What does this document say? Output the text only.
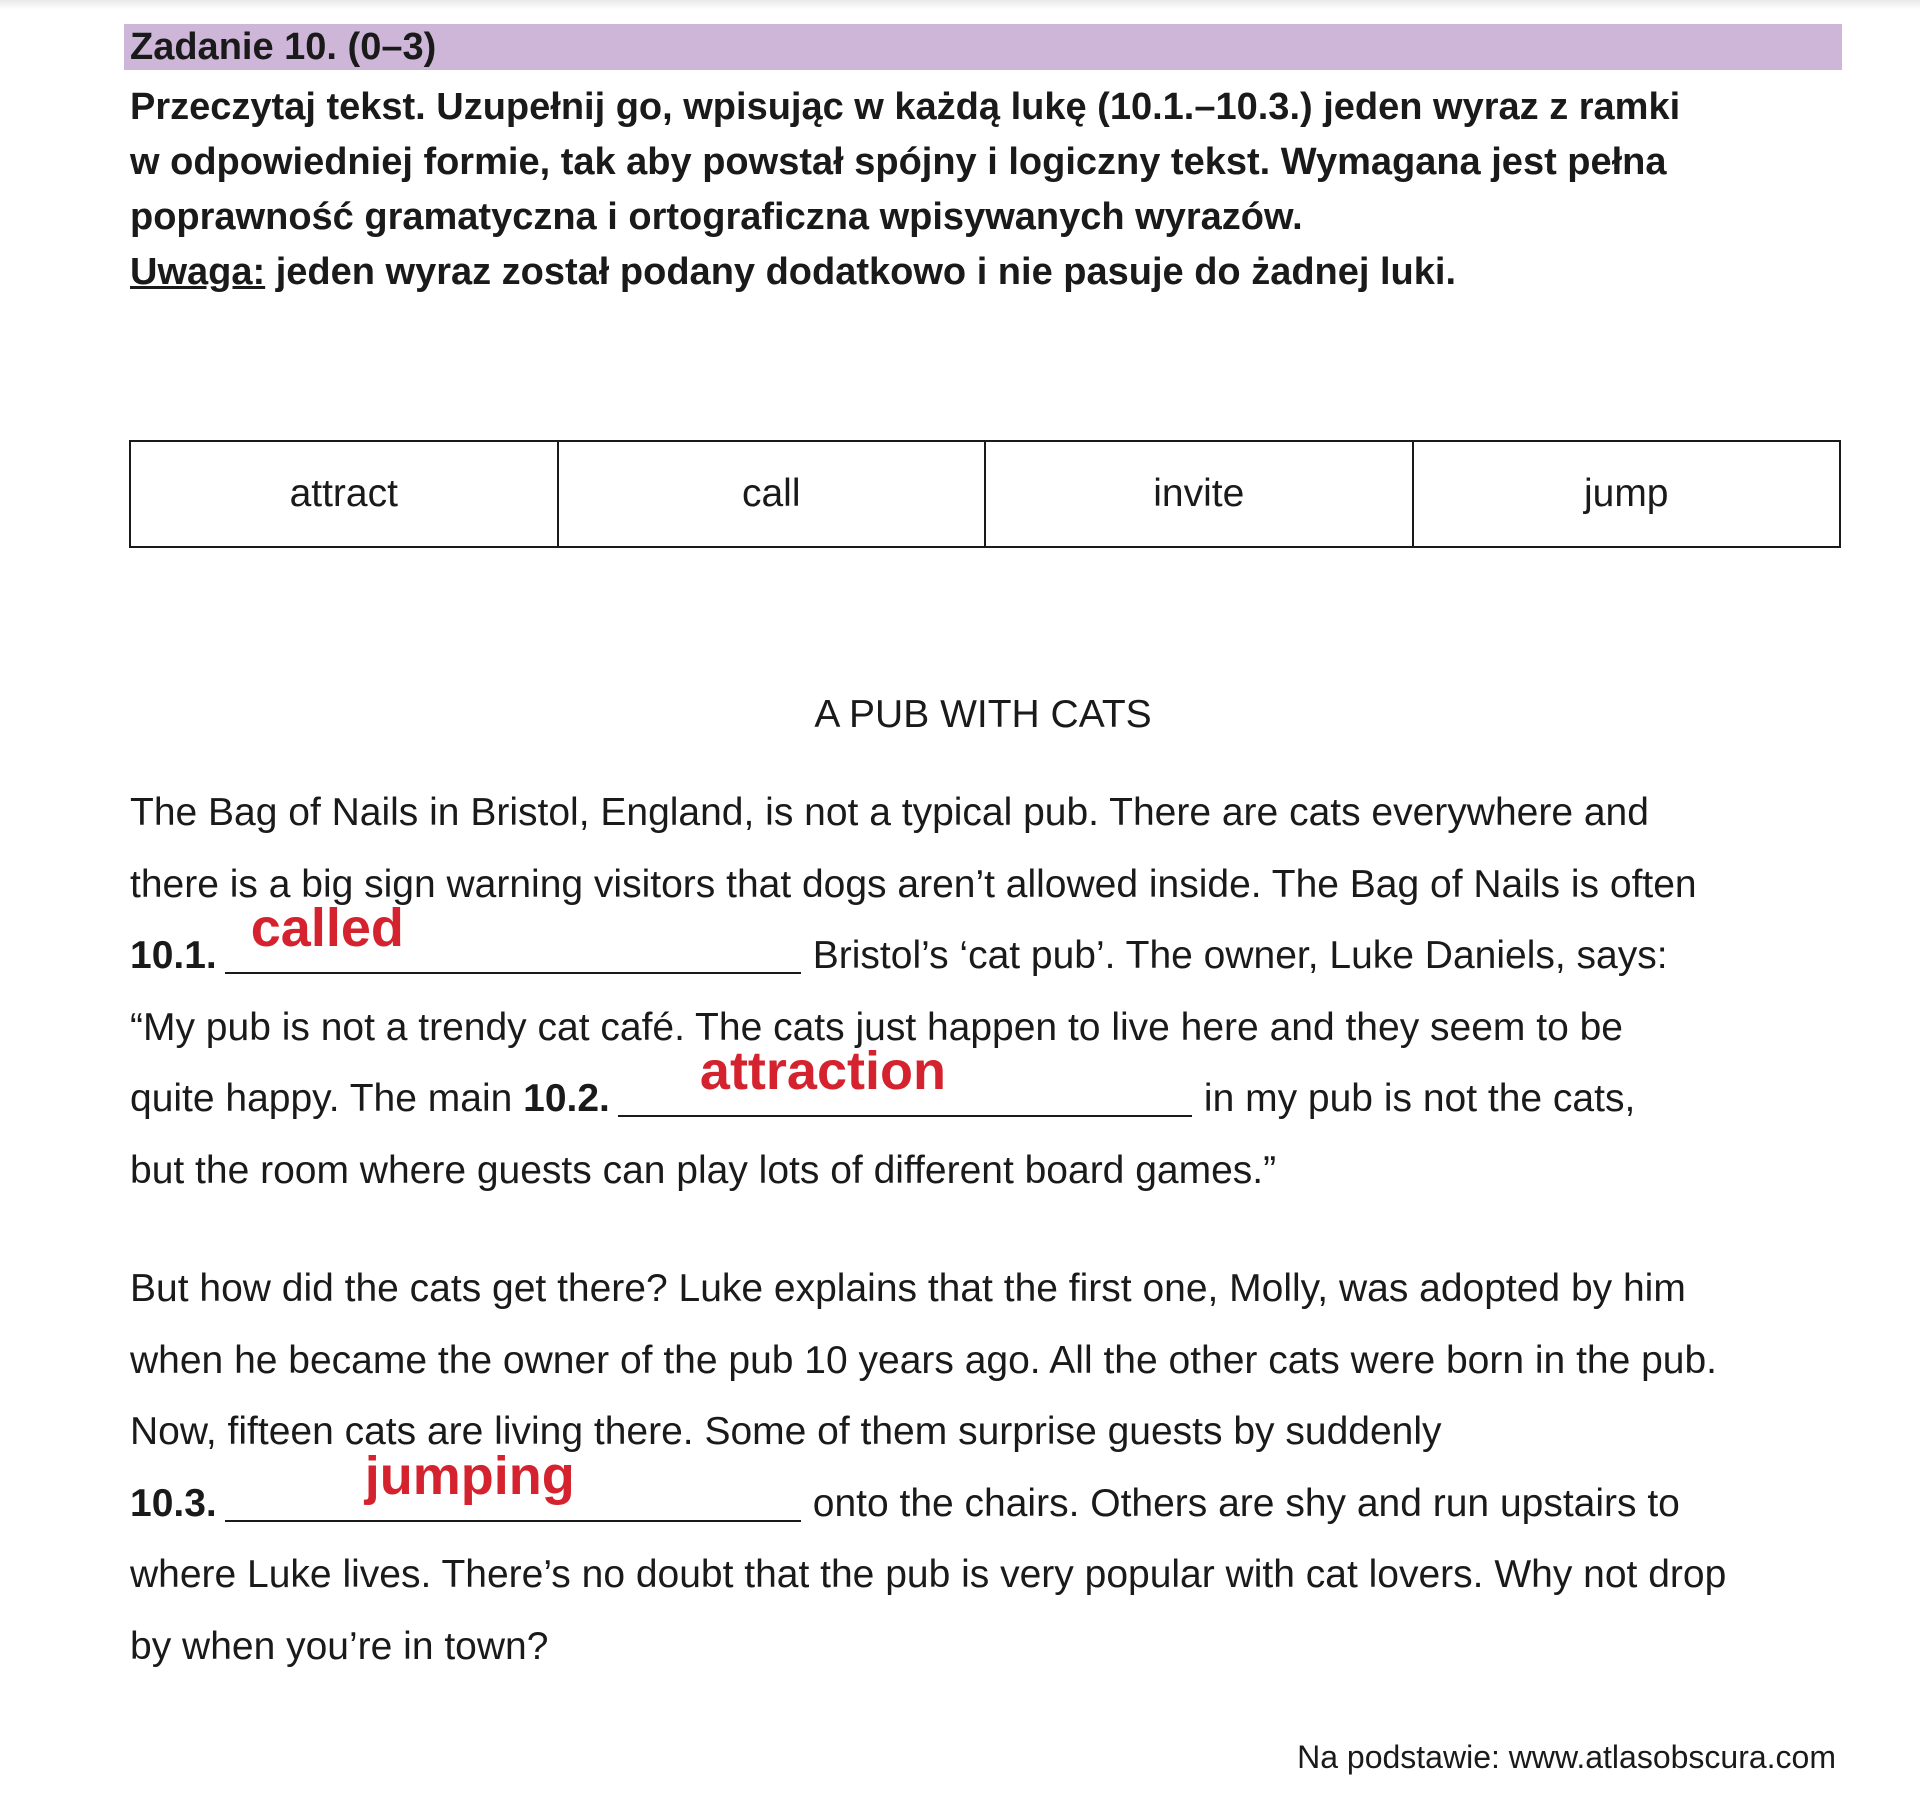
Zadanie 10. (0–3)

Przeczytaj tekst. Uzupełnij go, wpisując w każdą lukę (10.1.–10.3.) jeden wyraz z ramki

w odpowiedniej formie, tak aby powstał spójny i logiczny tekst. Wymagana jest pełna

poprawność gramatyczna i ortograficzna wpisywanych wyrazów.

Uwaga: jeden wyraz został podany dodatkowo i nie pasuje do żadnej luki.

attract	call	invite	jump
A PUB WITH CATS
The Bag of Nails in Bristol, England, is not a typical pub. There are cats everywhere and
there is a big sign warning visitors that dogs aren’t allowed inside. The Bag of Nails is often
10.1. called	Bristol’s ‘cat pub’. The owner, Luke Daniels, says:
“My pub is not a trendy cat café. The cats just happen to live here and they seem to be
quite happy. The main 10.2. attraction	in my pub is not the cats,
but the room where guests can play lots of different board games.”
But how did the cats get there? Luke explains that the first one, Molly, was adopted by him
when he became the owner of the pub 10 years ago. All the other cats were born in the pub.
Now, fifteen cats are living there. Some of them surprise guests by suddenly
10.3.	jumping	onto the chairs. Others are shy and run upstairs to
where Luke lives. There’s no doubt that the pub is very popular with cat lovers. Why not drop
by when you’re in town?
Na podstawie: www.atlasobscura.com
